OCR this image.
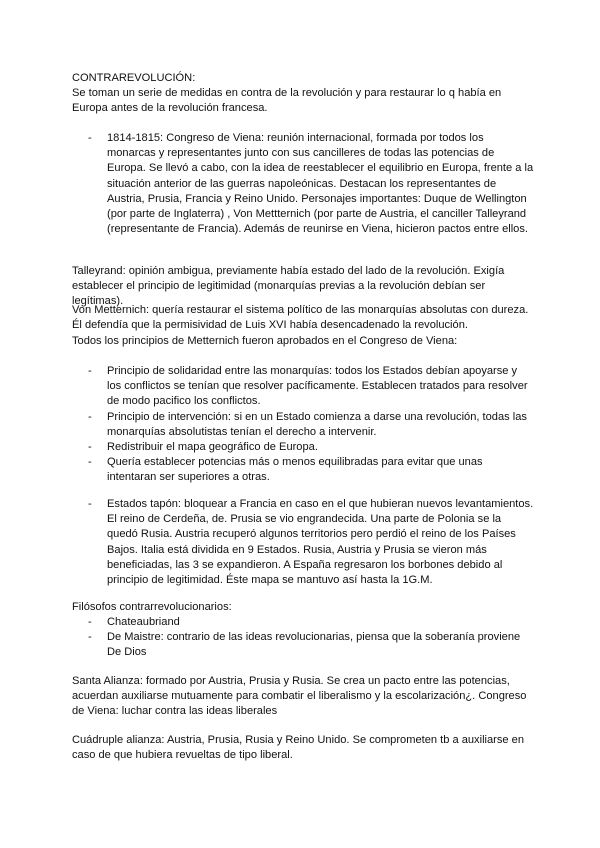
CONTRAREVOLUCIÓN:

Se toman un serie de medidas en contra de la revolución y para restaurar lo q había en Europa antes de la revolución francesa.

- 1814-1815: Congreso de Viena: reunión internacional, formada por todos los monarcas y representantes junto con sus cancilleres de todas las potencias de Europa. Se llevó a cabo, con la idea de reestablecer el equilibrio en Europa, frente a la situación anterior de las guerras napoleónicas. Destacan los representantes de Austria, Prusia, Francia y Reino Unido. Personajes importantes: Duque de Wellington (por parte de Inglaterra) , Von Mettternich (por parte de Austria, el canciller Talleyrand (representante de Francia). Además de reunirse en Viena, hicieron pactos entre ellos.

Talleyrand: opinión ambigua, previamente había estado del lado de la revolución. Exigía establecer el principio de legitimidad (monarquías previas a la revolución debían ser legítimas).

Von Metternich: quería restaurar el sistema político de las monarquías absolutas con dureza. Él defendía que la permisividad de Luis XVI había desencadenado la revolución.

Todos los principios de Metternich fueron aprobados en el Congreso de Viena:

- Principio de solidaridad entre las monarquías: todos los Estados debían apoyarse y los conflictos se tenían que resolver pacíficamente. Establecen tratados para resolver de modo pacifico los conflictos.
- Principio de intervención: si en un Estado comienza a darse una revolución, todas las monarquías absolutistas tenían el derecho a intervenir.
- Redistribuir el mapa geográfico de Europa.
- Quería establecer potencias más o menos equilibradas para evitar que unas intentaran ser superiores a otras.
- Estados tapón: bloquear a Francia en caso en el que hubieran nuevos levantamientos. El reino de Cerdeña, de. Prusia se vio engrandecida. Una parte de Polonia se la quedó Rusia. Austria recuperó algunos territorios pero perdió el reino de los Países Bajos. Italia está dividida en 9 Estados. Rusia, Austria y Prusia se vieron más beneficiadas, las 3 se expandieron. A España regresaron los borbones debido al principio de legitimidad. Éste mapa se mantuvo así hasta la 1G.M.

Filósofos contrarrevolucionarios:

- Chateaubriand
- De Maistre: contrario de las ideas revolucionarias, piensa que la soberanía proviene De Dios

Santa Alianza: formado por Austria, Prusia y Rusia. Se crea un pacto entre las potencias, acuerdan auxiliarse mutuamente para combatir el liberalismo y la escolarización¿. Congreso de Viena: luchar contra las ideas liberales

Cuádruple alianza: Austria, Prusia, Rusia y Reino Unido. Se comprometen tb a auxiliarse en caso de que hubiera revueltas de tipo liberal.
